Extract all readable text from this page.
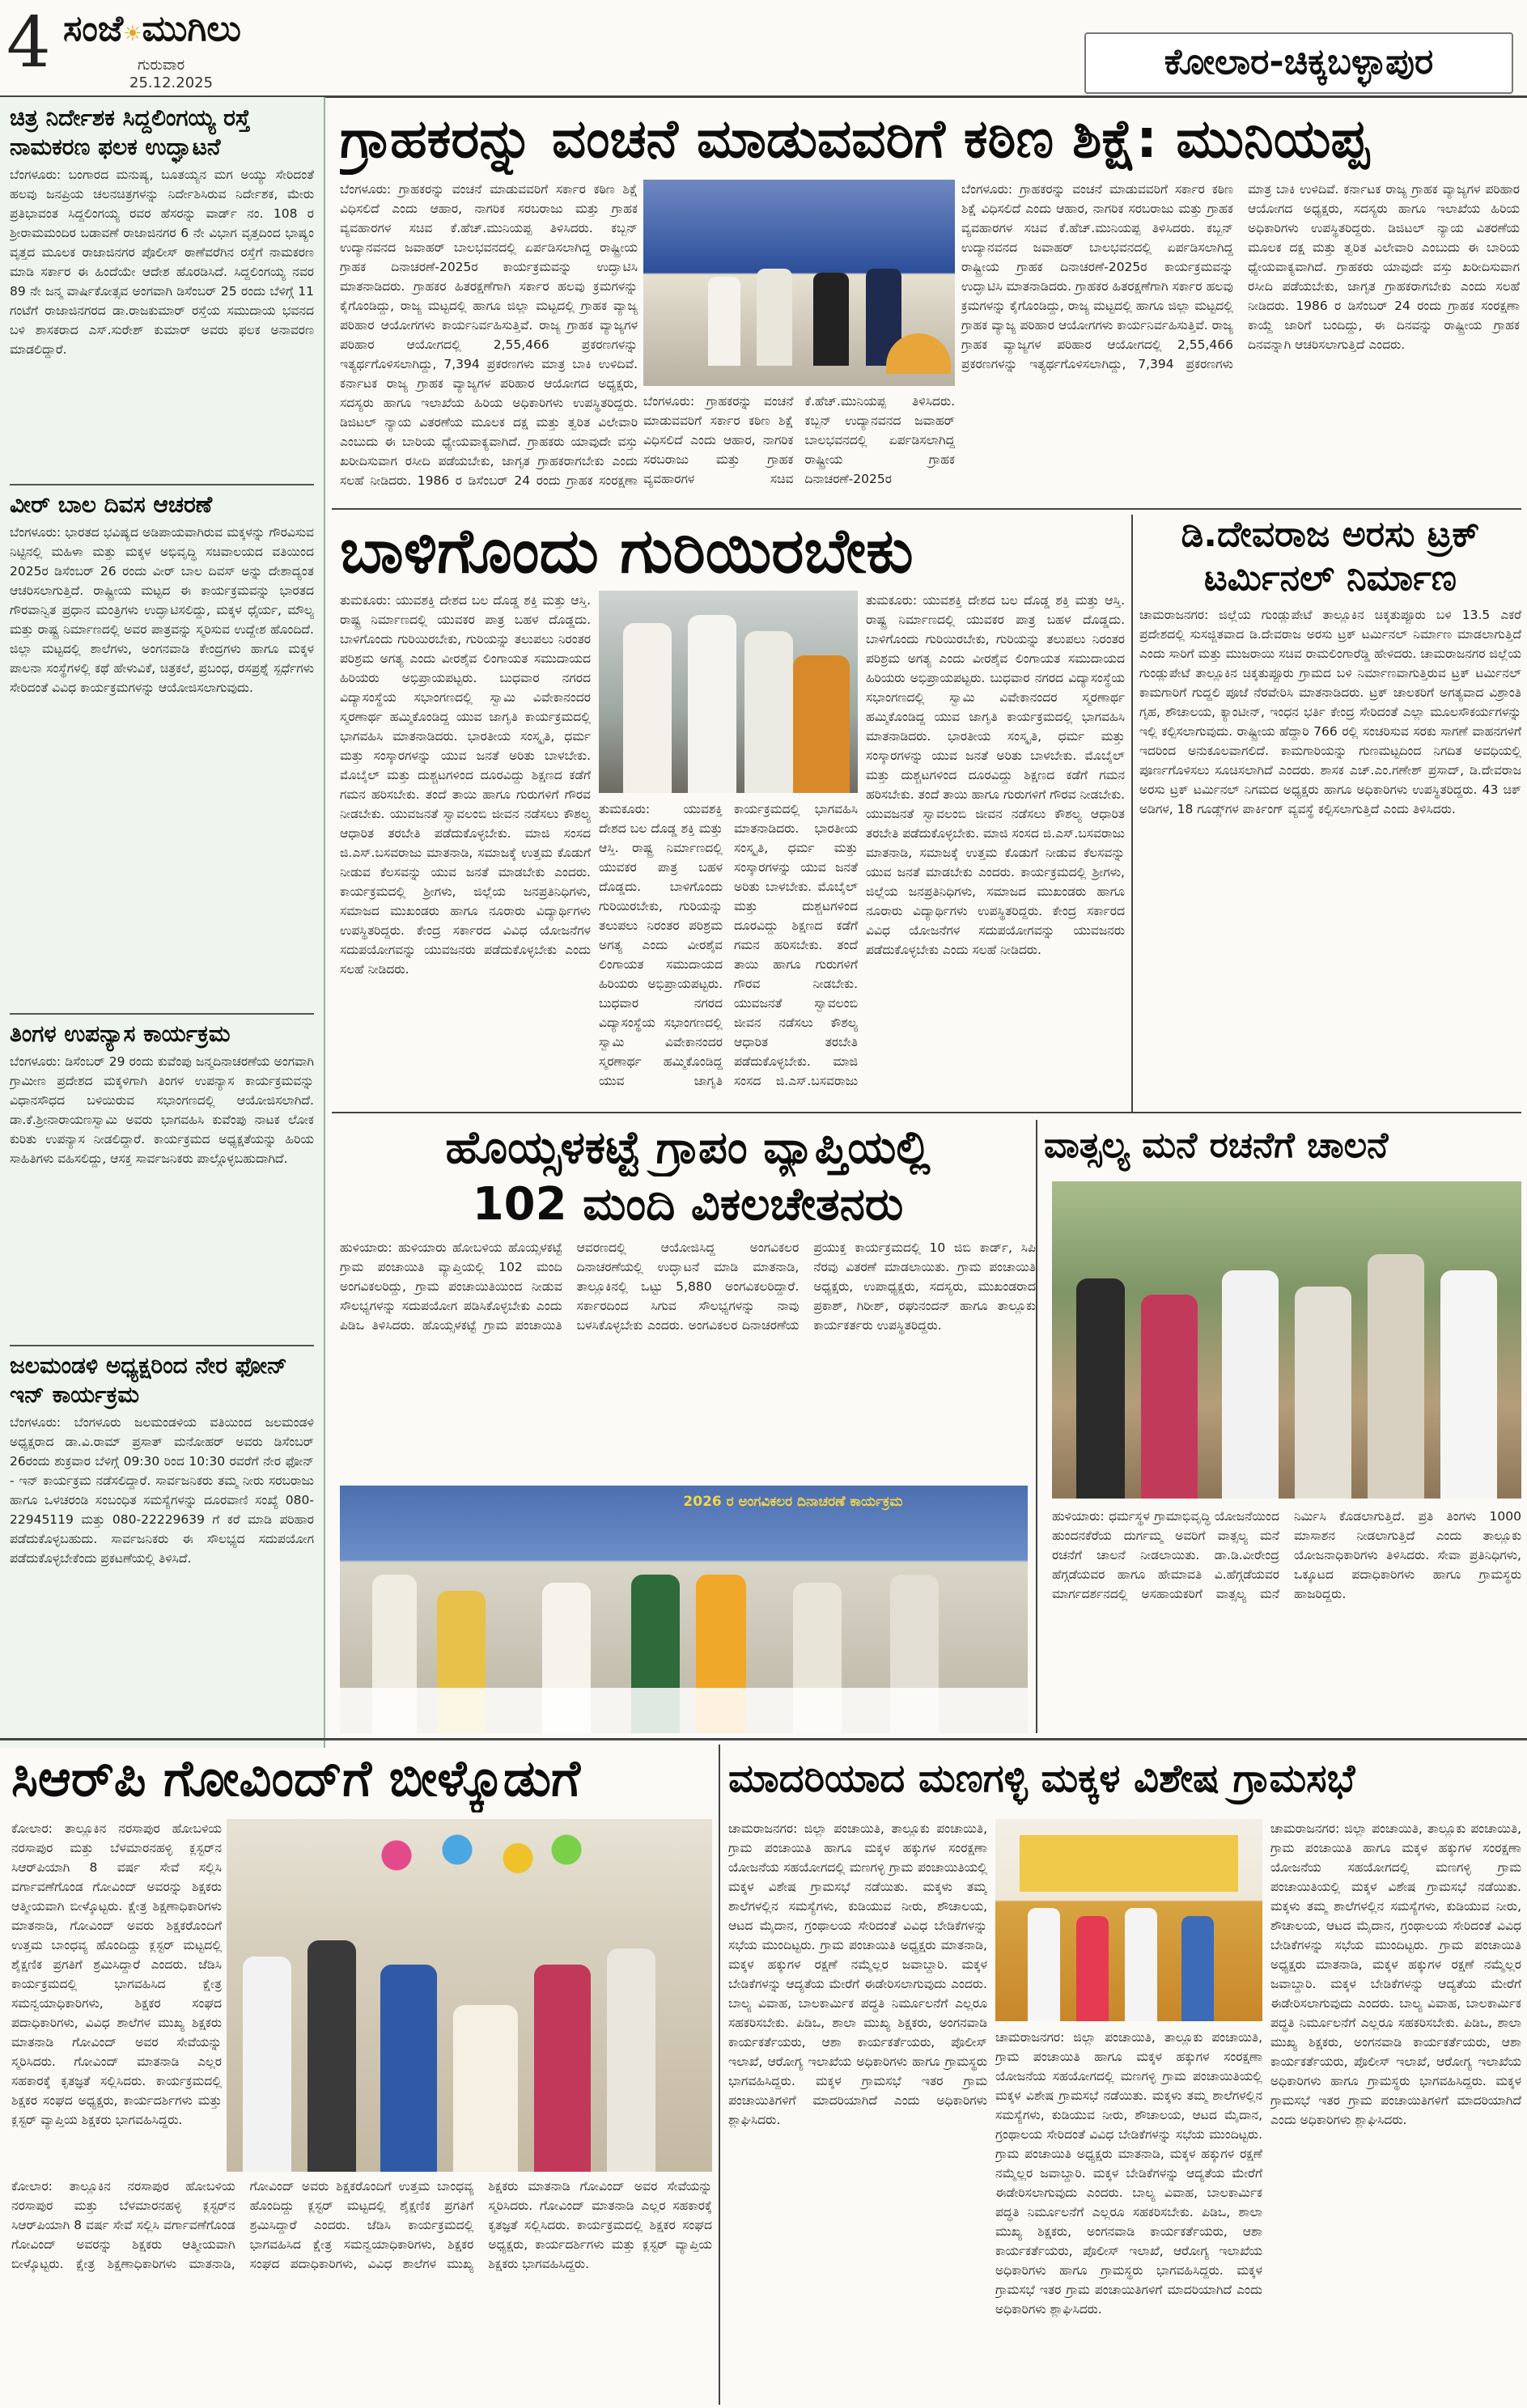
4 ಸಂಜೆ☀ಮುಗಿಲು
ಗುರುವಾರ
25.12.2025
ಕೋಲಾರ-ಚಿಕ್ಕಬಳ್ಳಾಪುರ
ಚಿತ್ರ ನಿರ್ದೇಶಕ ಸಿದ್ದಲಿಂಗಯ್ಯ ರಸ್ತೆ ನಾಮಕರಣ ಫಲಕ ಉದ್ಘಾಟನೆ
ಬೆಂಗಳೂರು: ಬಂಗಾರದ ಮನುಷ್ಯ, ಬೂತಯ್ಯನ ಮಗ ಅಯ್ಯು ಸೇರಿದಂತೆ ಹಲವು ಜನಪ್ರಿಯ ಚಲನಚಿತ್ರಗಳನ್ನು ನಿರ್ದೇಶಿಸಿರುವ ನಿರ್ದೇಶಕ, ಮೇರು ಪ್ರತಿಭಾವಂತ ಸಿದ್ದಲಿಂಗಯ್ಯ ರವರ ಹೆಸರನ್ನು ವಾರ್ಡ್ ನಂ. 108 ರ ಶ್ರೀರಾಮಮಂದಿರ ಬಡಾವಣೆ ರಾಜಾಜಿನಗರ 6 ನೇ ವಿಭಾಗ ವೃತ್ತದಿಂದ ಭಾಷ್ಯಂ ವೃತ್ತದ ಮೂಲಕ ರಾಜಾಜಿನಗರ ಪೊಲೀಸ್ ಠಾಣೆವರೆಗಿನ ರಸ್ತೆಗೆ ನಾಮಕರಣ ಮಾಡಿ ಸರ್ಕಾರ ಈ ಹಿಂದೆಯೇ ಆದೇಶ ಹೊರಡಿಸಿದೆ. ಸಿದ್ದಲಿಂಗಯ್ಯ ನವರ 89 ನೇ ಜನ್ಮ ವಾರ್ಷಿಕೋತ್ಸವ ಅಂಗವಾಗಿ ಡಿಸೆಂಬರ್ 25 ರಂದು ಬೆಳಿಗ್ಗೆ 11 ಗಂಟೆಗೆ ರಾಜಾಜಿನಗರದ ಡಾ.ರಾಜಕುಮಾರ್ ರಸ್ತೆಯ ಸಮುದಾಯ ಭವನದ ಬಳಿ ಶಾಸಕರಾದ ಎಸ್.ಸುರೇಶ್ ಕುಮಾರ್ ಅವರು ಫಲಕ ಅನಾವರಣ ಮಾಡಲಿದ್ದಾರೆ.
ವೀರ್ ಬಾಲ ದಿವಸ ಆಚರಣೆ
ಬೆಂಗಳೂರು: ಭಾರತದ ಭವಿಷ್ಯದ ಅಡಿಪಾಯವಾಗಿರುವ ಮಕ್ಕಳನ್ನು ಗೌರವಿಸುವ ನಿಟ್ಟಿನಲ್ಲಿ ಮಹಿಳಾ ಮತ್ತು ಮಕ್ಕಳ ಅಭಿವೃದ್ಧಿ ಸಚಿವಾಲಯದ ವತಿಯಿಂದ 2025ರ ಡಿಸೆಂಬರ್ 26 ರಂದು ವೀರ್ ಬಾಲ ದಿವಸ್ ಅನ್ನು ದೇಶಾದ್ಯಂತ ಆಚರಿಸಲಾಗುತ್ತಿದೆ. ರಾಷ್ಟ್ರೀಯ ಮಟ್ಟದ ಈ ಕಾರ್ಯಕ್ರಮವನ್ನು ಭಾರತದ ಗೌರವಾನ್ವಿತ ಪ್ರಧಾನ ಮಂತ್ರಿಗಳು ಉದ್ಘಾಟಿಸಲಿದ್ದು, ಮಕ್ಕಳ ಧೈರ್ಯ, ಮೌಲ್ಯ ಮತ್ತು ರಾಷ್ಟ್ರ ನಿರ್ಮಾಣದಲ್ಲಿ ಅವರ ಪಾತ್ರವನ್ನು ಸ್ಮರಿಸುವ ಉದ್ದೇಶ ಹೊಂದಿದೆ. ಜಿಲ್ಲಾ ಮಟ್ಟದಲ್ಲಿ ಶಾಲೆಗಳು, ಅಂಗನವಾಡಿ ಕೇಂದ್ರಗಳು ಹಾಗೂ ಮಕ್ಕಳ ಪಾಲನಾ ಸಂಸ್ಥೆಗಳಲ್ಲಿ ಕಥೆ ಹೇಳುವಿಕೆ, ಚಿತ್ರಕಲೆ, ಪ್ರಬಂಧ, ರಸಪ್ರಶ್ನೆ ಸ್ಪರ್ಧೆಗಳು ಸೇರಿದಂತೆ ವಿವಿಧ ಕಾರ್ಯಕ್ರಮಗಳನ್ನು ಆಯೋಜಿಸಲಾಗುವುದು.
ತಿಂಗಳ ಉಪನ್ಯಾಸ ಕಾರ್ಯಕ್ರಮ
ಬೆಂಗಳೂರು: ಡಿಸೆಂಬರ್ 29 ರಂದು ಕುವೆಂಪು ಜನ್ಮದಿನಾಚರಣೆಯ ಅಂಗವಾಗಿ ಗ್ರಾಮೀಣ ಪ್ರದೇಶದ ಮಕ್ಕಳಿಗಾಗಿ ತಿಂಗಳ ಉಪನ್ಯಾಸ ಕಾರ್ಯಕ್ರಮವನ್ನು ವಿಧಾನಸೌಧದ ಬಳಿಯಿರುವ ಸಭಾಂಗಣದಲ್ಲಿ ಆಯೋಜಿಸಲಾಗಿದೆ. ಡಾ.ಕೆ.ಶ್ರೀನಾರಾಯಣಸ್ವಾಮಿ ಅವರು ಭಾಗವಹಿಸಿ ಕುವೆಂಪು ನಾಟಕ ಲೋಕ ಕುರಿತು ಉಪನ್ಯಾಸ ನೀಡಲಿದ್ದಾರೆ. ಕಾರ್ಯಕ್ರಮದ ಅಧ್ಯಕ್ಷತೆಯನ್ನು ಹಿರಿಯ ಸಾಹಿತಿಗಳು ವಹಿಸಲಿದ್ದು, ಆಸಕ್ತ ಸಾರ್ವಜನಿಕರು ಪಾಲ್ಗೊಳ್ಳಬಹುದಾಗಿದೆ.
ಜಲಮಂಡಳಿ ಅಧ್ಯಕ್ಷರಿಂದ ನೇರ ಫೋನ್ ಇನ್ ಕಾರ್ಯಕ್ರಮ
ಬೆಂಗಳೂರು: ಬೆಂಗಳೂರು ಜಲಮಂಡಳಿಯ ವತಿಯಿಂದ ಜಲಮಂಡಳಿ ಅಧ್ಯಕ್ಷರಾದ ಡಾ.ವಿ.ರಾಮ್ ಪ್ರಸಾತ್ ಮನೋಹರ್ ಅವರು ಡಿಸೆಂಬರ್ 26ರಂದು ಶುಕ್ರವಾರ ಬೆಳಿಗ್ಗೆ 09:30 ರಿಂದ 10:30 ರವರೆಗೆ ನೇರ ಫೋನ್ - ಇನ್ ಕಾರ್ಯಕ್ರಮ ನಡೆಸಲಿದ್ದಾರೆ. ಸಾರ್ವಜನಿಕರು ತಮ್ಮ ನೀರು ಸರಬರಾಜು ಹಾಗೂ ಒಳಚರಂಡಿ ಸಂಬಂಧಿತ ಸಮಸ್ಯೆಗಳನ್ನು ದೂರವಾಣಿ ಸಂಖ್ಯೆ 080-22945119 ಮತ್ತು 080-22229639 ಗೆ ಕರೆ ಮಾಡಿ ಪರಿಹಾರ ಪಡೆದುಕೊಳ್ಳಬಹುದು. ಸಾರ್ವಜನಿಕರು ಈ ಸೌಲಭ್ಯದ ಸದುಪಯೋಗ ಪಡೆದುಕೊಳ್ಳಬೇಕೆಂದು ಪ್ರಕಟಣೆಯಲ್ಲಿ ತಿಳಿಸಿದೆ.
ಗ್ರಾಹಕರನ್ನು ವಂಚನೆ ಮಾಡುವವರಿಗೆ ಕಠಿಣ ಶಿಕ್ಷೆ: ಮುನಿಯಪ್ಪ
ಬೆಂಗಳೂರು: ಗ್ರಾಹಕರನ್ನು ವಂಚನೆ ಮಾಡುವವರಿಗೆ ಸರ್ಕಾರ ಕಠಿಣ ಶಿಕ್ಷೆ ವಿಧಿಸಲಿದೆ ಎಂದು ಆಹಾರ, ನಾಗರಿಕ ಸರಬರಾಜು ಮತ್ತು ಗ್ರಾಹಕ ವ್ಯವಹಾರಗಳ ಸಚಿವ ಕೆ.ಹೆಚ್.ಮುನಿಯಪ್ಪ ತಿಳಿಸಿದರು. ಕಬ್ಬನ್ ಉದ್ಯಾನವನದ ಜವಾಹರ್ ಬಾಲಭವನದಲ್ಲಿ ಏರ್ಪಡಿಸಲಾಗಿದ್ದ ರಾಷ್ಟ್ರೀಯ ಗ್ರಾಹಕ ದಿನಾಚರಣೆ-2025ರ ಕಾರ್ಯಕ್ರಮವನ್ನು ಉದ್ಘಾಟಿಸಿ ಮಾತನಾಡಿದರು. ಗ್ರಾಹಕರ ಹಿತರಕ್ಷಣೆಗಾಗಿ ಸರ್ಕಾರ ಹಲವು ಕ್ರಮಗಳನ್ನು ಕೈಗೊಂಡಿದ್ದು, ರಾಜ್ಯ ಮಟ್ಟದಲ್ಲಿ ಹಾಗೂ ಜಿಲ್ಲಾ ಮಟ್ಟದಲ್ಲಿ ಗ್ರಾಹಕ ವ್ಯಾಜ್ಯ ಪರಿಹಾರ ಆಯೋಗಗಳು ಕಾರ್ಯನಿರ್ವಹಿಸುತ್ತಿವೆ. ರಾಜ್ಯ ಗ್ರಾಹಕ ವ್ಯಾಜ್ಯಗಳ ಪರಿಹಾರ ಆಯೋಗದಲ್ಲಿ 2,55,466 ಪ್ರಕರಣಗಳನ್ನು ಇತ್ಯರ್ಥಗೊಳಿಸಲಾಗಿದ್ದು, 7,394 ಪ್ರಕರಣಗಳು ಮಾತ್ರ ಬಾಕಿ ಉಳಿದಿವೆ. ಕರ್ನಾಟಕ ರಾಜ್ಯ ಗ್ರಾಹಕ ವ್ಯಾಜ್ಯಗಳ ಪರಿಹಾರ ಆಯೋಗದ ಅಧ್ಯಕ್ಷರು, ಸದಸ್ಯರು ಹಾಗೂ ಇಲಾಖೆಯ ಹಿರಿಯ ಅಧಿಕಾರಿಗಳು ಉಪಸ್ಥಿತರಿದ್ದರು. ಡಿಜಿಟಲ್ ನ್ಯಾಯ ವಿತರಣೆಯ ಮೂಲಕ ದಕ್ಷ ಮತ್ತು ತ್ವರಿತ ವಿಲೇವಾರಿ ಎಂಬುದು ಈ ಬಾರಿಯ ಧ್ಯೇಯವಾಕ್ಯವಾಗಿದೆ. ಗ್ರಾಹಕರು ಯಾವುದೇ ವಸ್ತು ಖರೀದಿಸುವಾಗ ರಸೀದಿ ಪಡೆಯಬೇಕು, ಜಾಗೃತ ಗ್ರಾಹಕರಾಗಬೇಕು ಎಂದು ಸಲಹೆ ನೀಡಿದರು. 1986 ರ ಡಿಸೆಂಬರ್ 24 ರಂದು ಗ್ರಾಹಕ ಸಂರಕ್ಷಣಾ
ಬೆಂಗಳೂರು: ಗ್ರಾಹಕರನ್ನು ವಂಚನೆ ಮಾಡುವವರಿಗೆ ಸರ್ಕಾರ ಕಠಿಣ ಶಿಕ್ಷೆ ವಿಧಿಸಲಿದೆ ಎಂದು ಆಹಾರ, ನಾಗರಿಕ ಸರಬರಾಜು ಮತ್ತು ಗ್ರಾಹಕ ವ್ಯವಹಾರಗಳ ಸಚಿವ ಕೆ.ಹೆಚ್.ಮುನಿಯಪ್ಪ ತಿಳಿಸಿದರು. ಕಬ್ಬನ್ ಉದ್ಯಾನವನದ ಜವಾಹರ್ ಬಾಲಭವನದಲ್ಲಿ ಏರ್ಪಡಿಸಲಾಗಿದ್ದ ರಾಷ್ಟ್ರೀಯ ಗ್ರಾಹಕ ದಿನಾಚರಣೆ-2025ರ
ಬೆಂಗಳೂರು: ಗ್ರಾಹಕರನ್ನು ವಂಚನೆ ಮಾಡುವವರಿಗೆ ಸರ್ಕಾರ ಕಠಿಣ ಶಿಕ್ಷೆ ವಿಧಿಸಲಿದೆ ಎಂದು ಆಹಾರ, ನಾಗರಿಕ ಸರಬರಾಜು ಮತ್ತು ಗ್ರಾಹಕ ವ್ಯವಹಾರಗಳ ಸಚಿವ ಕೆ.ಹೆಚ್.ಮುನಿಯಪ್ಪ ತಿಳಿಸಿದರು. ಕಬ್ಬನ್ ಉದ್ಯಾನವನದ ಜವಾಹರ್ ಬಾಲಭವನದಲ್ಲಿ ಏರ್ಪಡಿಸಲಾಗಿದ್ದ ರಾಷ್ಟ್ರೀಯ ಗ್ರಾಹಕ ದಿನಾಚರಣೆ-2025ರ ಕಾರ್ಯಕ್ರಮವನ್ನು ಉದ್ಘಾಟಿಸಿ ಮಾತನಾಡಿದರು. ಗ್ರಾಹಕರ ಹಿತರಕ್ಷಣೆಗಾಗಿ ಸರ್ಕಾರ ಹಲವು ಕ್ರಮಗಳನ್ನು ಕೈಗೊಂಡಿದ್ದು, ರಾಜ್ಯ ಮಟ್ಟದಲ್ಲಿ ಹಾಗೂ ಜಿಲ್ಲಾ ಮಟ್ಟದಲ್ಲಿ ಗ್ರಾಹಕ ವ್ಯಾಜ್ಯ ಪರಿಹಾರ ಆಯೋಗಗಳು ಕಾರ್ಯನಿರ್ವಹಿಸುತ್ತಿವೆ. ರಾಜ್ಯ ಗ್ರಾಹಕ ವ್ಯಾಜ್ಯಗಳ ಪರಿಹಾರ ಆಯೋಗದಲ್ಲಿ 2,55,466 ಪ್ರಕರಣಗಳನ್ನು ಇತ್ಯರ್ಥಗೊಳಿಸಲಾಗಿದ್ದು, 7,394 ಪ್ರಕರಣಗಳು ಮಾತ್ರ ಬಾಕಿ ಉಳಿದಿವೆ. ಕರ್ನಾಟಕ ರಾಜ್ಯ ಗ್ರಾಹಕ ವ್ಯಾಜ್ಯಗಳ ಪರಿಹಾರ ಆಯೋಗದ ಅಧ್ಯಕ್ಷರು, ಸದಸ್ಯರು ಹಾಗೂ ಇಲಾಖೆಯ ಹಿರಿಯ ಅಧಿಕಾರಿಗಳು ಉಪಸ್ಥಿತರಿದ್ದರು. ಡಿಜಿಟಲ್ ನ್ಯಾಯ ವಿತರಣೆಯ ಮೂಲಕ ದಕ್ಷ ಮತ್ತು ತ್ವರಿತ ವಿಲೇವಾರಿ ಎಂಬುದು ಈ ಬಾರಿಯ ಧ್ಯೇಯವಾಕ್ಯವಾಗಿದೆ. ಗ್ರಾಹಕರು ಯಾವುದೇ ವಸ್ತು ಖರೀದಿಸುವಾಗ ರಸೀದಿ ಪಡೆಯಬೇಕು, ಜಾಗೃತ ಗ್ರಾಹಕರಾಗಬೇಕು ಎಂದು ಸಲಹೆ ನೀಡಿದರು. 1986 ರ ಡಿಸೆಂಬರ್ 24 ರಂದು ಗ್ರಾಹಕ ಸಂರಕ್ಷಣಾ ಕಾಯ್ದೆ ಜಾರಿಗೆ ಬಂದಿದ್ದು, ಈ ದಿನವನ್ನು ರಾಷ್ಟ್ರೀಯ ಗ್ರಾಹಕ ದಿನವನ್ನಾಗಿ ಆಚರಿಸಲಾಗುತ್ತಿದೆ ಎಂದರು.
ಬಾಳಿಗೊಂದು ಗುರಿಯಿರಬೇಕು
ತುಮಕೂರು: ಯುವಶಕ್ತಿ ದೇಶದ ಬಲ ದೊಡ್ಡ ಶಕ್ತಿ ಮತ್ತು ಆಸ್ತಿ. ರಾಷ್ಟ್ರ ನಿರ್ಮಾಣದಲ್ಲಿ ಯುವಕರ ಪಾತ್ರ ಬಹಳ ದೊಡ್ಡದು. ಬಾಳಿಗೊಂದು ಗುರಿಯಿರಬೇಕು, ಗುರಿಯನ್ನು ತಲುಪಲು ನಿರಂತರ ಪರಿಶ್ರಮ ಅಗತ್ಯ ಎಂದು ವೀರಶೈವ ಲಿಂಗಾಯತ ಸಮುದಾಯದ ಹಿರಿಯರು ಅಭಿಪ್ರಾಯಪಟ್ಟರು. ಬುಧವಾರ ನಗರದ ವಿದ್ಯಾಸಂಸ್ಥೆಯ ಸಭಾಂಗಣದಲ್ಲಿ ಸ್ವಾಮಿ ವಿವೇಕಾನಂದರ ಸ್ಮರಣಾರ್ಥ ಹಮ್ಮಿಕೊಂಡಿದ್ದ ಯುವ ಜಾಗೃತಿ ಕಾರ್ಯಕ್ರಮದಲ್ಲಿ ಭಾಗವಹಿಸಿ ಮಾತನಾಡಿದರು. ಭಾರತೀಯ ಸಂಸ್ಕೃತಿ, ಧರ್ಮ ಮತ್ತು ಸಂಸ್ಕಾರಗಳನ್ನು ಯುವ ಜನತೆ ಅರಿತು ಬಾಳಬೇಕು. ಮೊಬೈಲ್ ಮತ್ತು ದುಶ್ಚಟಗಳಿಂದ ದೂರವಿದ್ದು ಶಿಕ್ಷಣದ ಕಡೆಗೆ ಗಮನ ಹರಿಸಬೇಕು. ತಂದೆ ತಾಯಿ ಹಾಗೂ ಗುರುಗಳಿಗೆ ಗೌರವ ನೀಡಬೇಕು. ಯುವಜನತೆ ಸ್ವಾವಲಂಬಿ ಜೀವನ ನಡೆಸಲು ಕೌಶಲ್ಯ ಆಧಾರಿತ ತರಬೇತಿ ಪಡೆದುಕೊಳ್ಳಬೇಕು. ಮಾಜಿ ಸಂಸದ ಜಿ.ಎಸ್.ಬಸವರಾಜು ಮಾತನಾಡಿ, ಸಮಾಜಕ್ಕೆ ಉತ್ತಮ ಕೊಡುಗೆ ನೀಡುವ ಕೆಲಸವನ್ನು ಯುವ ಜನತೆ ಮಾಡಬೇಕು ಎಂದರು. ಕಾರ್ಯಕ್ರಮದಲ್ಲಿ ಶ್ರೀಗಳು, ಜಿಲ್ಲೆಯ ಜನಪ್ರತಿನಿಧಿಗಳು, ಸಮಾಜದ ಮುಖಂಡರು ಹಾಗೂ ನೂರಾರು ವಿದ್ಯಾರ್ಥಿಗಳು ಉಪಸ್ಥಿತರಿದ್ದರು. ಕೇಂದ್ರ ಸರ್ಕಾರದ ವಿವಿಧ ಯೋಜನೆಗಳ ಸದುಪಯೋಗವನ್ನು ಯುವಜನರು ಪಡೆದುಕೊಳ್ಳಬೇಕು ಎಂದು ಸಲಹೆ ನೀಡಿದರು.
ತುಮಕೂರು: ಯುವಶಕ್ತಿ ದೇಶದ ಬಲ ದೊಡ್ಡ ಶಕ್ತಿ ಮತ್ತು ಆಸ್ತಿ. ರಾಷ್ಟ್ರ ನಿರ್ಮಾಣದಲ್ಲಿ ಯುವಕರ ಪಾತ್ರ ಬಹಳ ದೊಡ್ಡದು. ಬಾಳಿಗೊಂದು ಗುರಿಯಿರಬೇಕು, ಗುರಿಯನ್ನು ತಲುಪಲು ನಿರಂತರ ಪರಿಶ್ರಮ ಅಗತ್ಯ ಎಂದು ವೀರಶೈವ ಲಿಂಗಾಯತ ಸಮುದಾಯದ ಹಿರಿಯರು ಅಭಿಪ್ರಾಯಪಟ್ಟರು. ಬುಧವಾರ ನಗರದ ವಿದ್ಯಾಸಂಸ್ಥೆಯ ಸಭಾಂಗಣದಲ್ಲಿ ಸ್ವಾಮಿ ವಿವೇಕಾನಂದರ ಸ್ಮರಣಾರ್ಥ ಹಮ್ಮಿಕೊಂಡಿದ್ದ ಯುವ ಜಾಗೃತಿ ಕಾರ್ಯಕ್ರಮದಲ್ಲಿ ಭಾಗವಹಿಸಿ ಮಾತನಾಡಿದರು. ಭಾರತೀಯ ಸಂಸ್ಕೃತಿ, ಧರ್ಮ ಮತ್ತು ಸಂಸ್ಕಾರಗಳನ್ನು ಯುವ ಜನತೆ ಅರಿತು ಬಾಳಬೇಕು. ಮೊಬೈಲ್ ಮತ್ತು ದುಶ್ಚಟಗಳಿಂದ ದೂರವಿದ್ದು ಶಿಕ್ಷಣದ ಕಡೆಗೆ ಗಮನ ಹರಿಸಬೇಕು. ತಂದೆ ತಾಯಿ ಹಾಗೂ ಗುರುಗಳಿಗೆ ಗೌರವ ನೀಡಬೇಕು. ಯುವಜನತೆ ಸ್ವಾವಲಂಬಿ ಜೀವನ ನಡೆಸಲು ಕೌಶಲ್ಯ ಆಧಾರಿತ ತರಬೇತಿ ಪಡೆದುಕೊಳ್ಳಬೇಕು. ಮಾಜಿ ಸಂಸದ ಜಿ.ಎಸ್.ಬಸವರಾಜು
ತುಮಕೂರು: ಯುವಶಕ್ತಿ ದೇಶದ ಬಲ ದೊಡ್ಡ ಶಕ್ತಿ ಮತ್ತು ಆಸ್ತಿ. ರಾಷ್ಟ್ರ ನಿರ್ಮಾಣದಲ್ಲಿ ಯುವಕರ ಪಾತ್ರ ಬಹಳ ದೊಡ್ಡದು. ಬಾಳಿಗೊಂದು ಗುರಿಯಿರಬೇಕು, ಗುರಿಯನ್ನು ತಲುಪಲು ನಿರಂತರ ಪರಿಶ್ರಮ ಅಗತ್ಯ ಎಂದು ವೀರಶೈವ ಲಿಂಗಾಯತ ಸಮುದಾಯದ ಹಿರಿಯರು ಅಭಿಪ್ರಾಯಪಟ್ಟರು. ಬುಧವಾರ ನಗರದ ವಿದ್ಯಾಸಂಸ್ಥೆಯ ಸಭಾಂಗಣದಲ್ಲಿ ಸ್ವಾಮಿ ವಿವೇಕಾನಂದರ ಸ್ಮರಣಾರ್ಥ ಹಮ್ಮಿಕೊಂಡಿದ್ದ ಯುವ ಜಾಗೃತಿ ಕಾರ್ಯಕ್ರಮದಲ್ಲಿ ಭಾಗವಹಿಸಿ ಮಾತನಾಡಿದರು. ಭಾರತೀಯ ಸಂಸ್ಕೃತಿ, ಧರ್ಮ ಮತ್ತು ಸಂಸ್ಕಾರಗಳನ್ನು ಯುವ ಜನತೆ ಅರಿತು ಬಾಳಬೇಕು. ಮೊಬೈಲ್ ಮತ್ತು ದುಶ್ಚಟಗಳಿಂದ ದೂರವಿದ್ದು ಶಿಕ್ಷಣದ ಕಡೆಗೆ ಗಮನ ಹರಿಸಬೇಕು. ತಂದೆ ತಾಯಿ ಹಾಗೂ ಗುರುಗಳಿಗೆ ಗೌರವ ನೀಡಬೇಕು. ಯುವಜನತೆ ಸ್ವಾವಲಂಬಿ ಜೀವನ ನಡೆಸಲು ಕೌಶಲ್ಯ ಆಧಾರಿತ ತರಬೇತಿ ಪಡೆದುಕೊಳ್ಳಬೇಕು. ಮಾಜಿ ಸಂಸದ ಜಿ.ಎಸ್.ಬಸವರಾಜು ಮಾತನಾಡಿ, ಸಮಾಜಕ್ಕೆ ಉತ್ತಮ ಕೊಡುಗೆ ನೀಡುವ ಕೆಲಸವನ್ನು ಯುವ ಜನತೆ ಮಾಡಬೇಕು ಎಂದರು. ಕಾರ್ಯಕ್ರಮದಲ್ಲಿ ಶ್ರೀಗಳು, ಜಿಲ್ಲೆಯ ಜನಪ್ರತಿನಿಧಿಗಳು, ಸಮಾಜದ ಮುಖಂಡರು ಹಾಗೂ ನೂರಾರು ವಿದ್ಯಾರ್ಥಿಗಳು ಉಪಸ್ಥಿತರಿದ್ದರು. ಕೇಂದ್ರ ಸರ್ಕಾರದ ವಿವಿಧ ಯೋಜನೆಗಳ ಸದುಪಯೋಗವನ್ನು ಯುವಜನರು ಪಡೆದುಕೊಳ್ಳಬೇಕು ಎಂದು ಸಲಹೆ ನೀಡಿದರು.
ಡಿ.ದೇವರಾಜ ಅರಸು ಟ್ರಕ್ ಟರ್ಮಿನಲ್ ನಿರ್ಮಾಣ
ಚಾಮರಾಜನಗರ: ಜಿಲ್ಲೆಯ ಗುಂಡ್ಲುಪೇಟೆ ತಾಲ್ಲೂಕಿನ ಚಿಕ್ಕತುಪ್ಪೂರು ಬಳಿ 13.5 ಎಕರೆ ಪ್ರದೇಶದಲ್ಲಿ ಸುಸಜ್ಜಿತವಾದ ಡಿ.ದೇವರಾಜ ಅರಸು ಟ್ರಕ್ ಟರ್ಮಿನಲ್ ನಿರ್ಮಾಣ ಮಾಡಲಾಗುತ್ತಿದೆ ಎಂದು ಸಾರಿಗೆ ಮತ್ತು ಮುಜರಾಯಿ ಸಚಿವ ರಾಮಲಿಂಗಾರೆಡ್ಡಿ ಹೇಳಿದರು. ಚಾಮರಾಜನಗರ ಜಿಲ್ಲೆಯ ಗುಂಡ್ಲುಪೇಟೆ ತಾಲ್ಲೂಕಿನ ಚಿಕ್ಕತುಪ್ಪೂರು ಗ್ರಾಮದ ಬಳಿ ನಿರ್ಮಾಣವಾಗುತ್ತಿರುವ ಟ್ರಕ್ ಟರ್ಮಿನಲ್ ಕಾಮಗಾರಿಗೆ ಗುದ್ದಲಿ ಪೂಜೆ ನೆರವೇರಿಸಿ ಮಾತನಾಡಿದರು. ಟ್ರಕ್ ಚಾಲಕರಿಗೆ ಅಗತ್ಯವಾದ ವಿಶ್ರಾಂತಿ ಗೃಹ, ಶೌಚಾಲಯ, ಕ್ಯಾಂಟೀನ್, ಇಂಧನ ಭರ್ತಿ ಕೇಂದ್ರ ಸೇರಿದಂತೆ ಎಲ್ಲಾ ಮೂಲಸೌಕರ್ಯಗಳನ್ನು ಇಲ್ಲಿ ಕಲ್ಪಿಸಲಾಗುವುದು. ರಾಷ್ಟ್ರೀಯ ಹೆದ್ದಾರಿ 766 ರಲ್ಲಿ ಸಂಚರಿಸುವ ಸರಕು ಸಾಗಣೆ ವಾಹನಗಳಿಗೆ ಇದರಿಂದ ಅನುಕೂಲವಾಗಲಿದೆ. ಕಾಮಗಾರಿಯನ್ನು ಗುಣಮಟ್ಟದಿಂದ ನಿಗದಿತ ಅವಧಿಯಲ್ಲಿ ಪೂರ್ಣಗೊಳಿಸಲು ಸೂಚಿಸಲಾಗಿದೆ ಎಂದರು. ಶಾಸಕ ಎಚ್.ಎಂ.ಗಣೇಶ್ ಪ್ರಸಾದ್, ಡಿ.ದೇವರಾಜ ಅರಸು ಟ್ರಕ್ ಟರ್ಮಿನಲ್ ನಿಗಮದ ಅಧ್ಯಕ್ಷರು ಹಾಗೂ ಅಧಿಕಾರಿಗಳು ಉಪಸ್ಥಿತರಿದ್ದರು. 43 ಚಿಕ್ ಅಡಿಗಳ, 18 ಗೂಡ್ಸ್‌ಗಳ ಪಾರ್ಕಿಂಗ್ ವ್ಯವಸ್ಥೆ ಕಲ್ಪಿಸಲಾಗುತ್ತಿದೆ ಎಂದು ತಿಳಿಸಿದರು.
ಹೊಯ್ಸಳಕಟ್ಟೆ ಗ್ರಾಪಂ ವ್ಯಾಪ್ತಿಯಲ್ಲಿ
102 ಮಂದಿ ವಿಕಲಚೇತನರು
ಹುಳಿಯಾರು: ಹುಳಿಯಾರು ಹೋಬಳಿಯ ಹೊಯ್ಸಳಕಟ್ಟೆ ಗ್ರಾಮ ಪಂಚಾಯಿತಿ ವ್ಯಾಪ್ತಿಯಲ್ಲಿ 102 ಮಂದಿ ಅಂಗವಿಕಲರಿದ್ದು, ಗ್ರಾಮ ಪಂಚಾಯಿತಿಯಿಂದ ನೀಡುವ ಸೌಲಭ್ಯಗಳನ್ನು ಸದುಪಯೋಗ ಪಡಿಸಿಕೊಳ್ಳಬೇಕು ಎಂದು ಪಿಡಿಒ ತಿಳಿಸಿದರು. ಹೊಯ್ಸಳಕಟ್ಟೆ ಗ್ರಾಮ ಪಂಚಾಯಿತಿ ಆವರಣದಲ್ಲಿ ಆಯೋಜಿಸಿದ್ದ ಅಂಗವಿಕಲರ ದಿನಾಚರಣೆಯಲ್ಲಿ ಉದ್ಘಾಟನೆ ಮಾಡಿ ಮಾತನಾಡಿ, ತಾಲ್ಲೂಕಿನಲ್ಲಿ ಒಟ್ಟು 5,880 ಅಂಗವಿಕಲರಿದ್ದಾರೆ. ಸರ್ಕಾರದಿಂದ ಸಿಗುವ ಸೌಲಭ್ಯಗಳನ್ನು ನಾವು ಬಳಸಿಕೊಳ್ಳಬೇಕು ಎಂದರು. ಅಂಗವಿಕಲರ ದಿನಾಚರಣೆಯ ಪ್ರಯುಕ್ತ ಕಾರ್ಯಕ್ರಮದಲ್ಲಿ 10 ಜಿಬಿ ಕಾರ್ಡ್, ಸಿಪಿ ನೆರವು ವಿತರಣೆ ಮಾಡಲಾಯಿತು. ಗ್ರಾಮ ಪಂಚಾಯಿತಿ ಅಧ್ಯಕ್ಷರು, ಉಪಾಧ್ಯಕ್ಷರು, ಸದಸ್ಯರು, ಮುಖಂಡರಾದ ಪ್ರಕಾಶ್, ಗಿರೀಶ್, ರಘುನಂದನ್ ಹಾಗೂ ತಾಲ್ಲೂಕು ಕಾರ್ಯಕರ್ತರು ಉಪಸ್ಥಿತರಿದ್ದರು.
2026 ರ ಅಂಗವಿಕಲರ ದಿನಾಚರಣೆ ಕಾರ್ಯಕ್ರಮ
ವಾತ್ಸಲ್ಯ ಮನೆ ರಚನೆಗೆ ಚಾಲನೆ
ಹುಳಿಯಾರು: ಧರ್ಮಸ್ಥಳ ಗ್ರಾಮಾಭಿವೃದ್ಧಿ ಯೋಜನೆಯಿಂದ ಹುಂದನಕೆರೆಯ ದುರ್ಗಮ್ಮ ಅವರಿಗೆ ವಾತ್ಸಲ್ಯ ಮನೆ ರಚನೆಗೆ ಚಾಲನೆ ನೀಡಲಾಯಿತು. ಡಾ.ಡಿ.ವೀರೇಂದ್ರ ಹೆಗ್ಗಡೆಯವರ ಹಾಗೂ ಹೇಮಾವತಿ ವಿ.ಹೆಗ್ಗಡೆಯವರ ಮಾರ್ಗದರ್ಶನದಲ್ಲಿ ಅಸಹಾಯಕರಿಗೆ ವಾತ್ಸಲ್ಯ ಮನೆ ನಿರ್ಮಿಸಿ ಕೊಡಲಾಗುತ್ತಿದೆ. ಪ್ರತಿ ತಿಂಗಳು 1000 ಮಾಸಾಶನ ನೀಡಲಾಗುತ್ತಿದೆ ಎಂದು ತಾಲ್ಲೂಕು ಯೋಜನಾಧಿಕಾರಿಗಳು ತಿಳಿಸಿದರು. ಸೇವಾ ಪ್ರತಿನಿಧಿಗಳು, ಒಕ್ಕೂಟದ ಪದಾಧಿಕಾರಿಗಳು ಹಾಗೂ ಗ್ರಾಮಸ್ಥರು ಹಾಜರಿದ್ದರು.
ಸಿಆರ್‌ಪಿ ಗೋವಿಂದ್‌ಗೆ ಬೀಳ್ಕೊಡುಗೆ
ಕೋಲಾರ: ತಾಲ್ಲೂಕಿನ ನರಸಾಪುರ ಹೋಬಳಿಯ ನರಸಾಪುರ ಮತ್ತು ಬೆಳಮಾರನಹಳ್ಳಿ ಕ್ಲಸ್ಟರ್‌ನ ಸಿಆರ್‌ಪಿಯಾಗಿ 8 ವರ್ಷ ಸೇವೆ ಸಲ್ಲಿಸಿ ವರ್ಗಾವಣೆಗೊಂಡ ಗೋವಿಂದ್ ಅವರನ್ನು ಶಿಕ್ಷಕರು ಆತ್ಮೀಯವಾಗಿ ಬೀಳ್ಕೊಟ್ಟರು. ಕ್ಷೇತ್ರ ಶಿಕ್ಷಣಾಧಿಕಾರಿಗಳು ಮಾತನಾಡಿ, ಗೋವಿಂದ್ ಅವರು ಶಿಕ್ಷಕರೊಂದಿಗೆ ಉತ್ತಮ ಬಾಂಧವ್ಯ ಹೊಂದಿದ್ದು ಕ್ಲಸ್ಟರ್ ಮಟ್ಟದಲ್ಲಿ ಶೈಕ್ಷಣಿಕ ಪ್ರಗತಿಗೆ ಶ್ರಮಿಸಿದ್ದಾರೆ ಎಂದರು. ಜೆಡಿಸಿ ಕಾರ್ಯಕ್ರಮದಲ್ಲಿ ಭಾಗವಹಿಸಿದ ಕ್ಷೇತ್ರ ಸಮನ್ವಯಾಧಿಕಾರಿಗಳು, ಶಿಕ್ಷಕರ ಸಂಘದ ಪದಾಧಿಕಾರಿಗಳು, ವಿವಿಧ ಶಾಲೆಗಳ ಮುಖ್ಯ ಶಿಕ್ಷಕರು ಮಾತನಾಡಿ ಗೋವಿಂದ್ ಅವರ ಸೇವೆಯನ್ನು ಸ್ಮರಿಸಿದರು. ಗೋವಿಂದ್ ಮಾತನಾಡಿ ಎಲ್ಲರ ಸಹಕಾರಕ್ಕೆ ಕೃತಜ್ಞತೆ ಸಲ್ಲಿಸಿದರು. ಕಾರ್ಯಕ್ರಮದಲ್ಲಿ ಶಿಕ್ಷಕರ ಸಂಘದ ಅಧ್ಯಕ್ಷರು, ಕಾರ್ಯದರ್ಶಿಗಳು ಮತ್ತು ಕ್ಲಸ್ಟರ್ ವ್ಯಾಪ್ತಿಯ ಶಿಕ್ಷಕರು ಭಾಗವಹಿಸಿದ್ದರು.
ಕೋಲಾರ: ತಾಲ್ಲೂಕಿನ ನರಸಾಪುರ ಹೋಬಳಿಯ ನರಸಾಪುರ ಮತ್ತು ಬೆಳಮಾರನಹಳ್ಳಿ ಕ್ಲಸ್ಟರ್‌ನ ಸಿಆರ್‌ಪಿಯಾಗಿ 8 ವರ್ಷ ಸೇವೆ ಸಲ್ಲಿಸಿ ವರ್ಗಾವಣೆಗೊಂಡ ಗೋವಿಂದ್ ಅವರನ್ನು ಶಿಕ್ಷಕರು ಆತ್ಮೀಯವಾಗಿ ಬೀಳ್ಕೊಟ್ಟರು. ಕ್ಷೇತ್ರ ಶಿಕ್ಷಣಾಧಿಕಾರಿಗಳು ಮಾತನಾಡಿ, ಗೋವಿಂದ್ ಅವರು ಶಿಕ್ಷಕರೊಂದಿಗೆ ಉತ್ತಮ ಬಾಂಧವ್ಯ ಹೊಂದಿದ್ದು ಕ್ಲಸ್ಟರ್ ಮಟ್ಟದಲ್ಲಿ ಶೈಕ್ಷಣಿಕ ಪ್ರಗತಿಗೆ ಶ್ರಮಿಸಿದ್ದಾರೆ ಎಂದರು. ಜೆಡಿಸಿ ಕಾರ್ಯಕ್ರಮದಲ್ಲಿ ಭಾಗವಹಿಸಿದ ಕ್ಷೇತ್ರ ಸಮನ್ವಯಾಧಿಕಾರಿಗಳು, ಶಿಕ್ಷಕರ ಸಂಘದ ಪದಾಧಿಕಾರಿಗಳು, ವಿವಿಧ ಶಾಲೆಗಳ ಮುಖ್ಯ ಶಿಕ್ಷಕರು ಮಾತನಾಡಿ ಗೋವಿಂದ್ ಅವರ ಸೇವೆಯನ್ನು ಸ್ಮರಿಸಿದರು. ಗೋವಿಂದ್ ಮಾತನಾಡಿ ಎಲ್ಲರ ಸಹಕಾರಕ್ಕೆ ಕೃತಜ್ಞತೆ ಸಲ್ಲಿಸಿದರು. ಕಾರ್ಯಕ್ರಮದಲ್ಲಿ ಶಿಕ್ಷಕರ ಸಂಘದ ಅಧ್ಯಕ್ಷರು, ಕಾರ್ಯದರ್ಶಿಗಳು ಮತ್ತು ಕ್ಲಸ್ಟರ್ ವ್ಯಾಪ್ತಿಯ ಶಿಕ್ಷಕರು ಭಾಗವಹಿಸಿದ್ದರು.
ಮಾದರಿಯಾದ ಮಣಗಳ್ಳಿ ಮಕ್ಕಳ ವಿಶೇಷ ಗ್ರಾಮಸಭೆ
ಚಾಮರಾಜನಗರ: ಜಿಲ್ಲಾ ಪಂಚಾಯಿತಿ, ತಾಲ್ಲೂಕು ಪಂಚಾಯಿತಿ, ಗ್ರಾಮ ಪಂಚಾಯಿತಿ ಹಾಗೂ ಮಕ್ಕಳ ಹಕ್ಕುಗಳ ಸಂರಕ್ಷಣಾ ಯೋಜನೆಯ ಸಹಯೋಗದಲ್ಲಿ ಮಣಗಳ್ಳಿ ಗ್ರಾಮ ಪಂಚಾಯಿತಿಯಲ್ಲಿ ಮಕ್ಕಳ ವಿಶೇಷ ಗ್ರಾಮಸಭೆ ನಡೆಯಿತು. ಮಕ್ಕಳು ತಮ್ಮ ಶಾಲೆಗಳಲ್ಲಿನ ಸಮಸ್ಯೆಗಳು, ಕುಡಿಯುವ ನೀರು, ಶೌಚಾಲಯ, ಆಟದ ಮೈದಾನ, ಗ್ರಂಥಾಲಯ ಸೇರಿದಂತೆ ವಿವಿಧ ಬೇಡಿಕೆಗಳನ್ನು ಸಭೆಯ ಮುಂದಿಟ್ಟರು. ಗ್ರಾಮ ಪಂಚಾಯಿತಿ ಅಧ್ಯಕ್ಷರು ಮಾತನಾಡಿ, ಮಕ್ಕಳ ಹಕ್ಕುಗಳ ರಕ್ಷಣೆ ನಮ್ಮೆಲ್ಲರ ಜವಾಬ್ದಾರಿ. ಮಕ್ಕಳ ಬೇಡಿಕೆಗಳನ್ನು ಆದ್ಯತೆಯ ಮೇರೆಗೆ ಈಡೇರಿಸಲಾಗುವುದು ಎಂದರು. ಬಾಲ್ಯ ವಿವಾಹ, ಬಾಲಕಾರ್ಮಿಕ ಪದ್ಧತಿ ನಿರ್ಮೂಲನೆಗೆ ಎಲ್ಲರೂ ಸಹಕರಿಸಬೇಕು. ಪಿಡಿಒ, ಶಾಲಾ ಮುಖ್ಯ ಶಿಕ್ಷಕರು, ಅಂಗನವಾಡಿ ಕಾರ್ಯಕರ್ತೆಯರು, ಆಶಾ ಕಾರ್ಯಕರ್ತೆಯರು, ಪೊಲೀಸ್ ಇಲಾಖೆ, ಆರೋಗ್ಯ ಇಲಾಖೆಯ ಅಧಿಕಾರಿಗಳು ಹಾಗೂ ಗ್ರಾಮಸ್ಥರು ಭಾಗವಹಿಸಿದ್ದರು. ಮಕ್ಕಳ ಗ್ರಾಮಸಭೆ ಇತರ ಗ್ರಾಮ ಪಂಚಾಯಿತಿಗಳಿಗೆ ಮಾದರಿಯಾಗಿದೆ ಎಂದು ಅಧಿಕಾರಿಗಳು ಶ್ಲಾಘಿಸಿದರು.
ಚಾಮರಾಜನಗರ: ಜಿಲ್ಲಾ ಪಂಚಾಯಿತಿ, ತಾಲ್ಲೂಕು ಪಂಚಾಯಿತಿ, ಗ್ರಾಮ ಪಂಚಾಯಿತಿ ಹಾಗೂ ಮಕ್ಕಳ ಹಕ್ಕುಗಳ ಸಂರಕ್ಷಣಾ ಯೋಜನೆಯ ಸಹಯೋಗದಲ್ಲಿ ಮಣಗಳ್ಳಿ ಗ್ರಾಮ ಪಂಚಾಯಿತಿಯಲ್ಲಿ ಮಕ್ಕಳ ವಿಶೇಷ ಗ್ರಾಮಸಭೆ ನಡೆಯಿತು. ಮಕ್ಕಳು ತಮ್ಮ ಶಾಲೆಗಳಲ್ಲಿನ ಸಮಸ್ಯೆಗಳು, ಕುಡಿಯುವ ನೀರು, ಶೌಚಾಲಯ, ಆಟದ ಮೈದಾನ, ಗ್ರಂಥಾಲಯ ಸೇರಿದಂತೆ ವಿವಿಧ ಬೇಡಿಕೆಗಳನ್ನು ಸಭೆಯ ಮುಂದಿಟ್ಟರು. ಗ್ರಾಮ ಪಂಚಾಯಿತಿ ಅಧ್ಯಕ್ಷರು ಮಾತನಾಡಿ, ಮಕ್ಕಳ ಹಕ್ಕುಗಳ ರಕ್ಷಣೆ ನಮ್ಮೆಲ್ಲರ ಜವಾಬ್ದಾರಿ. ಮಕ್ಕಳ ಬೇಡಿಕೆಗಳನ್ನು ಆದ್ಯತೆಯ ಮೇರೆಗೆ ಈಡೇರಿಸಲಾಗುವುದು ಎಂದರು. ಬಾಲ್ಯ ವಿವಾಹ, ಬಾಲಕಾರ್ಮಿಕ ಪದ್ಧತಿ ನಿರ್ಮೂಲನೆಗೆ ಎಲ್ಲರೂ ಸಹಕರಿಸಬೇಕು. ಪಿಡಿಒ, ಶಾಲಾ ಮುಖ್ಯ ಶಿಕ್ಷಕರು, ಅಂಗನವಾಡಿ ಕಾರ್ಯಕರ್ತೆಯರು, ಆಶಾ ಕಾರ್ಯಕರ್ತೆಯರು, ಪೊಲೀಸ್ ಇಲಾಖೆ, ಆರೋಗ್ಯ ಇಲಾಖೆಯ ಅಧಿಕಾರಿಗಳು ಹಾಗೂ ಗ್ರಾಮಸ್ಥರು ಭಾಗವಹಿಸಿದ್ದರು. ಮಕ್ಕಳ ಗ್ರಾಮಸಭೆ ಇತರ ಗ್ರಾಮ ಪಂಚಾಯಿತಿಗಳಿಗೆ ಮಾದರಿಯಾಗಿದೆ ಎಂದು ಅಧಿಕಾರಿಗಳು ಶ್ಲಾಘಿಸಿದರು.
ಚಾಮರಾಜನಗರ: ಜಿಲ್ಲಾ ಪಂಚಾಯಿತಿ, ತಾಲ್ಲೂಕು ಪಂಚಾಯಿತಿ, ಗ್ರಾಮ ಪಂಚಾಯಿತಿ ಹಾಗೂ ಮಕ್ಕಳ ಹಕ್ಕುಗಳ ಸಂರಕ್ಷಣಾ ಯೋಜನೆಯ ಸಹಯೋಗದಲ್ಲಿ ಮಣಗಳ್ಳಿ ಗ್ರಾಮ ಪಂಚಾಯಿತಿಯಲ್ಲಿ ಮಕ್ಕಳ ವಿಶೇಷ ಗ್ರಾಮಸಭೆ ನಡೆಯಿತು. ಮಕ್ಕಳು ತಮ್ಮ ಶಾಲೆಗಳಲ್ಲಿನ ಸಮಸ್ಯೆಗಳು, ಕುಡಿಯುವ ನೀರು, ಶೌಚಾಲಯ, ಆಟದ ಮೈದಾನ, ಗ್ರಂಥಾಲಯ ಸೇರಿದಂತೆ ವಿವಿಧ ಬೇಡಿಕೆಗಳನ್ನು ಸಭೆಯ ಮುಂದಿಟ್ಟರು. ಗ್ರಾಮ ಪಂಚಾಯಿತಿ ಅಧ್ಯಕ್ಷರು ಮಾತನಾಡಿ, ಮಕ್ಕಳ ಹಕ್ಕುಗಳ ರಕ್ಷಣೆ ನಮ್ಮೆಲ್ಲರ ಜವಾಬ್ದಾರಿ. ಮಕ್ಕಳ ಬೇಡಿಕೆಗಳನ್ನು ಆದ್ಯತೆಯ ಮೇರೆಗೆ ಈಡೇರಿಸಲಾಗುವುದು ಎಂದರು. ಬಾಲ್ಯ ವಿವಾಹ, ಬಾಲಕಾರ್ಮಿಕ ಪದ್ಧತಿ ನಿರ್ಮೂಲನೆಗೆ ಎಲ್ಲರೂ ಸಹಕರಿಸಬೇಕು. ಪಿಡಿಒ, ಶಾಲಾ ಮುಖ್ಯ ಶಿಕ್ಷಕರು, ಅಂಗನವಾಡಿ ಕಾರ್ಯಕರ್ತೆಯರು, ಆಶಾ ಕಾರ್ಯಕರ್ತೆಯರು, ಪೊಲೀಸ್ ಇಲಾಖೆ, ಆರೋಗ್ಯ ಇಲಾಖೆಯ ಅಧಿಕಾರಿಗಳು ಹಾಗೂ ಗ್ರಾಮಸ್ಥರು ಭಾಗವಹಿಸಿದ್ದರು. ಮಕ್ಕಳ ಗ್ರಾಮಸಭೆ ಇತರ ಗ್ರಾಮ ಪಂಚಾಯಿತಿಗಳಿಗೆ ಮಾದರಿಯಾಗಿದೆ ಎಂದು ಅಧಿಕಾರಿಗಳು ಶ್ಲಾಘಿಸಿದರು.
